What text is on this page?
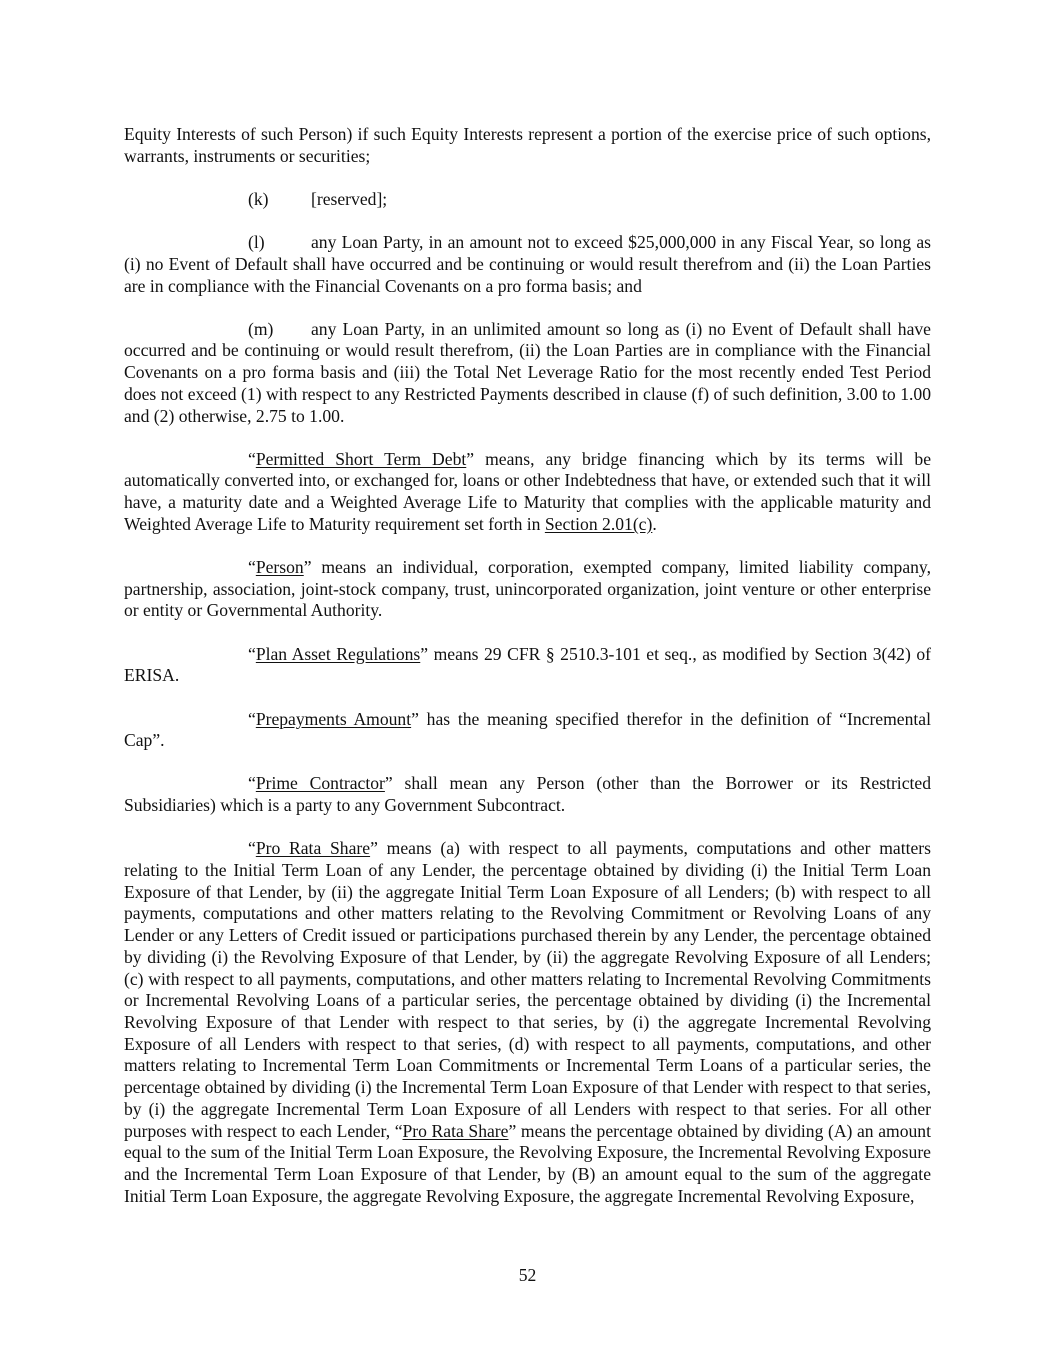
Equity Interests of such Person) if such Equity Interests represent a portion of the exercise price of such options, warrants, instruments or securities;

(k) [reserved];

(l)	any Loan Party, in an amount not to exceed $25,000,000 in any Fiscal Year, so long as (i) no Event of Default shall have occurred and be continuing or would result therefrom and (ii) the Loan Parties are in compliance with the Financial Covenants on a pro forma basis; and

(m) any Loan Party, in an unlimited amount so long as (i) no Event of Default shall have occurred and be continuing or would result therefrom, (ii) the Loan Parties are in compliance with the Financial Covenants on a pro forma basis and (iii) the Total Net Leverage Ratio for the most recently ended Test Period does not exceed (1) with respect to any Restricted Payments described in clause (f) of such definition, 3.00 to 1.00 and (2) otherwise, 2.75 to 1.00.

“Permitted Short Term Debt” means, any bridge financing which by its terms will be automatically converted into, or exchanged for, loans or other Indebtedness that have, or extended such that it will have, a maturity date and a Weighted Average Life to Maturity that complies with the applicable maturity and Weighted Average Life to Maturity requirement set forth in Section 2.01(c).

“Person” means an individual, corporation, exempted company, limited liability company, partnership, association, joint-stock company, trust, unincorporated organization, joint venture or other enterprise or entity or Governmental Authority.

“Plan Asset Regulations” means 29 CFR § 2510.3-101 et seq., as modified by Section 3(42) of ERISA.

“Prepayments Amount” has the meaning specified therefor in the definition of “Incremental Cap”.

“Prime Contractor” shall mean any Person (other than the Borrower or its Restricted Subsidiaries) which is a party to any Government Subcontract.

“Pro Rata Share” means (a) with respect to all payments, computations and other matters relating to the Initial Term Loan of any Lender, the percentage obtained by dividing (i) the Initial Term Loan Exposure of that Lender, by (ii) the aggregate Initial Term Loan Exposure of all Lenders; (b) with respect to all payments, computations and other matters relating to the Revolving Commitment or Revolving Loans of any Lender or any Letters of Credit issued or participations purchased therein by any Lender, the percentage obtained by dividing (i) the Revolving Exposure of that Lender, by (ii) the aggregate Revolving Exposure of all Lenders; (c) with respect to all payments, computations, and other matters relating to Incremental Revolving Commitments or Incremental Revolving Loans of a particular series, the percentage obtained by dividing (i) the Incremental Revolving Exposure of that Lender with respect to that series, by (i) the aggregate Incremental Revolving Exposure of all Lenders with respect to that series, (d) with respect to all payments, computations, and other matters relating to Incremental Term Loan Commitments or Incremental Term Loans of a particular series, the percentage obtained by dividing (i) the Incremental Term Loan Exposure of that Lender with respect to that series, by (i) the aggregate Incremental Term Loan Exposure of all Lenders with respect to that series. For all other purposes with respect to each Lender, “Pro Rata Share” means the percentage obtained by dividing (A) an amount equal to the sum of the Initial Term Loan Exposure, the Revolving Exposure, the Incremental Revolving Exposure and the Incremental Term Loan Exposure of that Lender, by (B) an amount equal to the sum of the aggregate Initial Term Loan Exposure, the aggregate Revolving Exposure, the aggregate Incremental Revolving Exposure,

52
